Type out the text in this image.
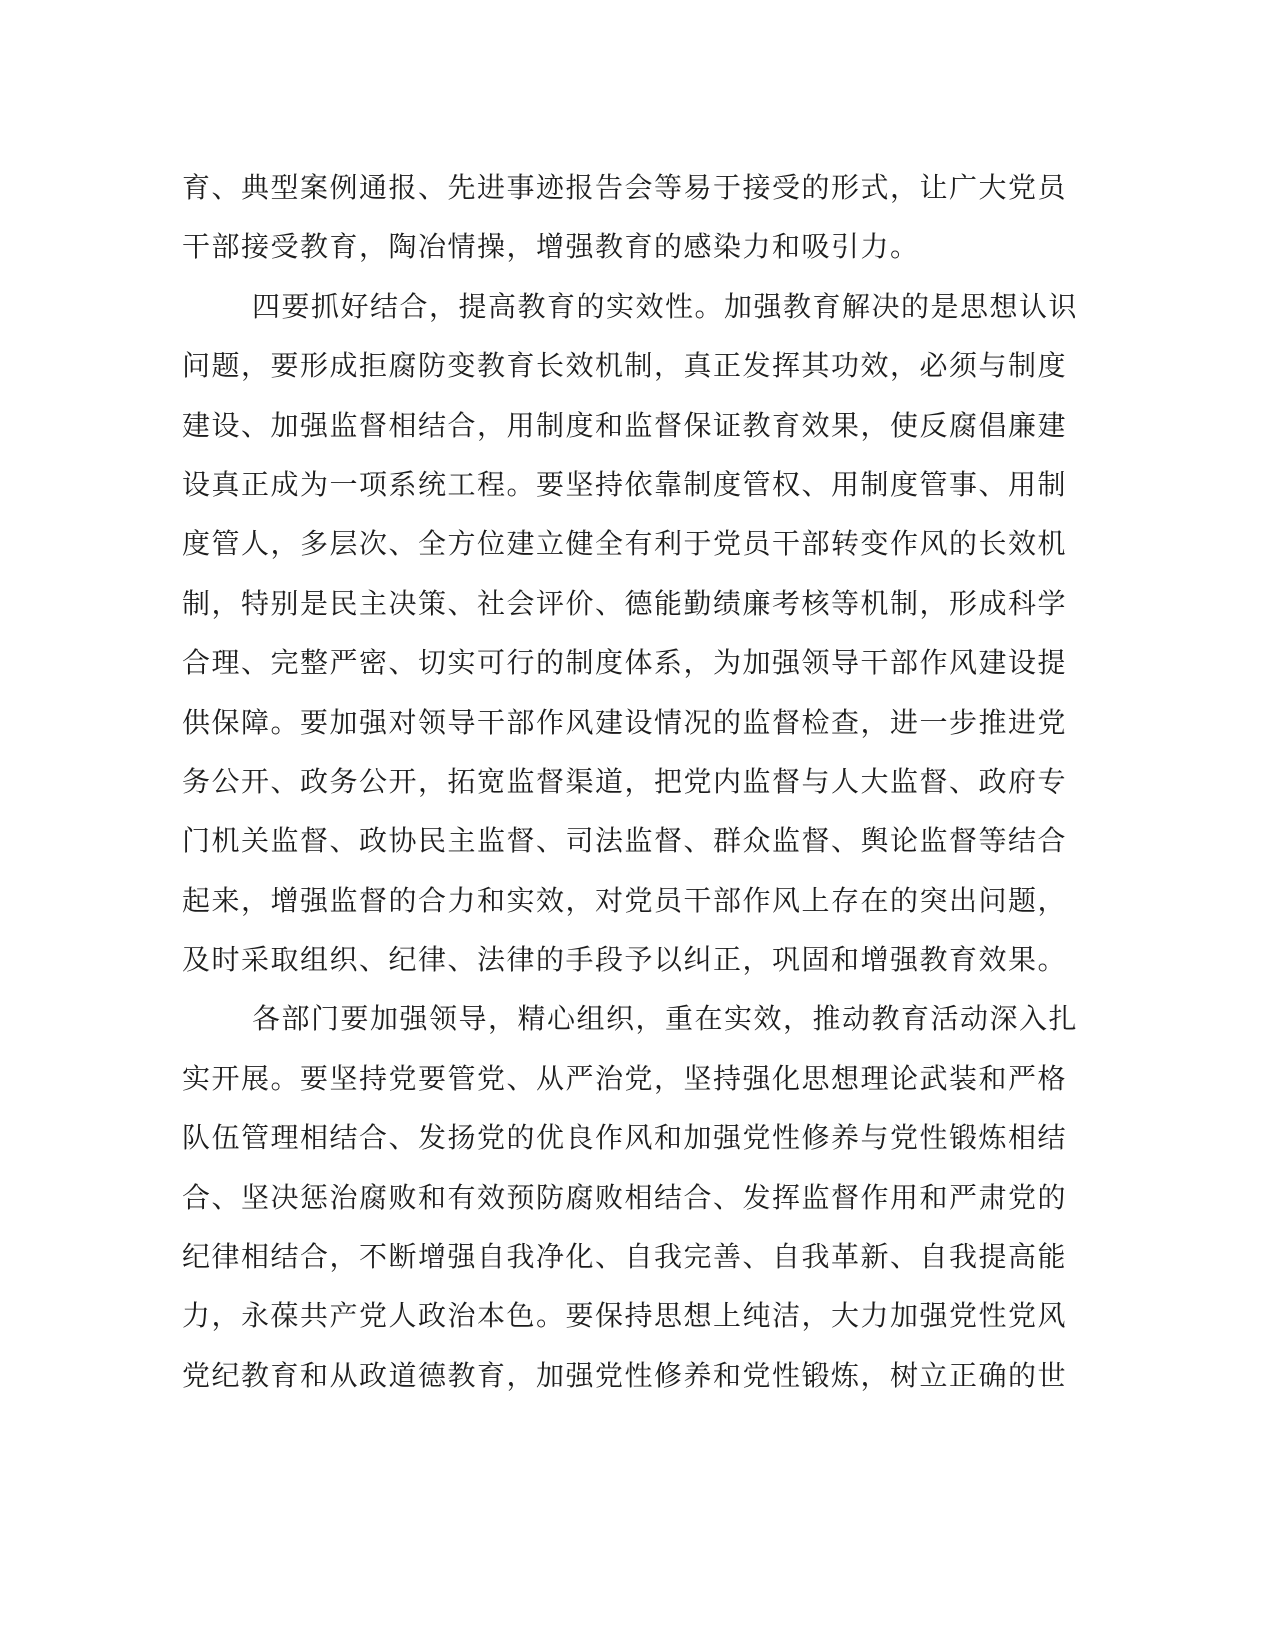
育、典型案例通报、先进事迹报告会等易于接受的形式，让广大党员
干部接受教育，陶冶情操，增强教育的感染力和吸引力。
四要抓好结合，提高教育的实效性。加强教育解决的是思想认识
问题，要形成拒腐防变教育长效机制，真正发挥其功效，必须与制度
建设、加强监督相结合，用制度和监督保证教育效果，使反腐倡廉建
设真正成为一项系统工程。要坚持依靠制度管权、用制度管事、用制
度管人，多层次、全方位建立健全有利于党员干部转变作风的长效机
制，特别是民主决策、社会评价、德能勤绩廉考核等机制，形成科学
合理、完整严密、切实可行的制度体系，为加强领导干部作风建设提
供保障。要加强对领导干部作风建设情况的监督检查，进一步推进党
务公开、政务公开，拓宽监督渠道，把党内监督与人大监督、政府专
门机关监督、政协民主监督、司法监督、群众监督、舆论监督等结合
起来，增强监督的合力和实效，对党员干部作风上存在的突出问题，
及时采取组织、纪律、法律的手段予以纠正，巩固和增强教育效果。
各部门要加强领导，精心组织，重在实效，推动教育活动深入扎
实开展。要坚持党要管党、从严治党，坚持强化思想理论武装和严格
队伍管理相结合、发扬党的优良作风和加强党性修养与党性锻炼相结
合、坚决惩治腐败和有效预防腐败相结合、发挥监督作用和严肃党的
纪律相结合，不断增强自我净化、自我完善、自我革新、自我提高能
力，永葆共产党人政治本色。要保持思想上纯洁，大力加强党性党风
党纪教育和从政道德教育，加强党性修养和党性锻炼，树立正确的世
